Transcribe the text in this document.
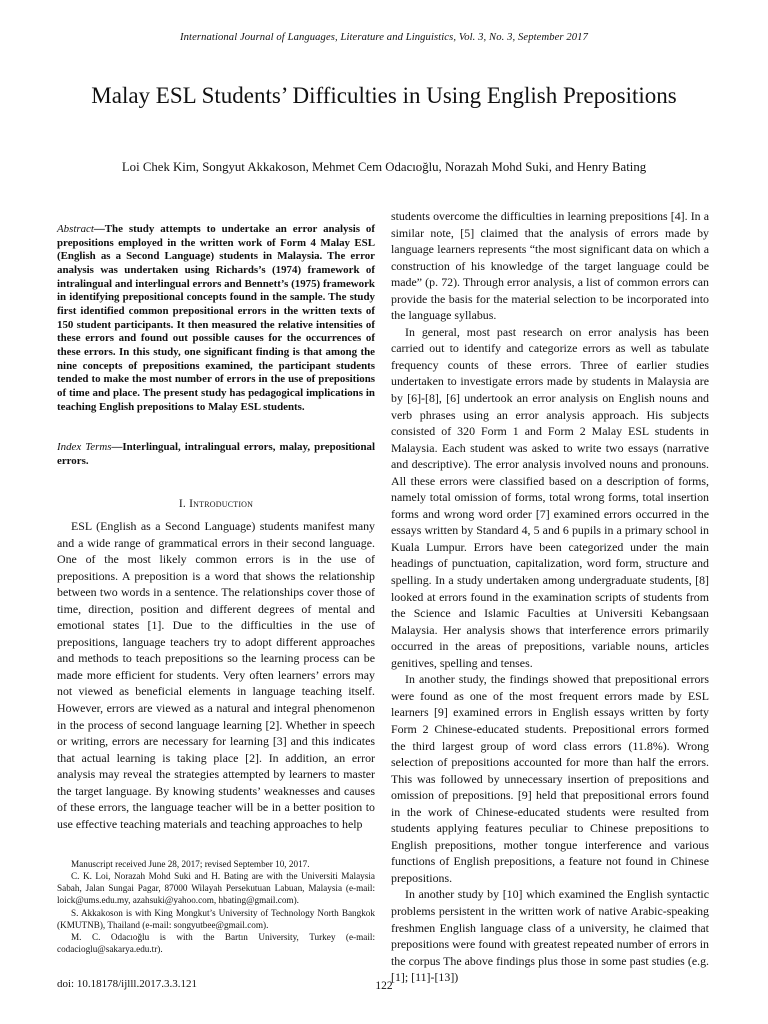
International Journal of Languages, Literature and Linguistics, Vol. 3, No. 3, September 2017
Malay ESL Students’ Difficulties in Using English Prepositions
Loi Chek Kim, Songyut Akkakoson, Mehmet Cem Odacıoğlu, Norazah Mohd Suki, and Henry Bating
Abstract—The study attempts to undertake an error analysis of prepositions employed in the written work of Form 4 Malay ESL (English as a Second Language) students in Malaysia. The error analysis was undertaken using Richards’s (1974) framework of intralingual and interlingual errors and Bennett’s (1975) framework in identifying prepositional concepts found in the sample. The study first identified common prepositional errors in the written texts of 150 student participants. It then measured the relative intensities of these errors and found out possible causes for the occurrences of these errors. In this study, one significant finding is that among the nine concepts of prepositions examined, the participant students tended to make the most number of errors in the use of prepositions of time and place. The present study has pedagogical implications in teaching English prepositions to Malay ESL students.
Index Terms—Interlingual, intralingual errors, malay, prepositional errors.
I. Introduction

ESL (English as a Second Language) students manifest many and a wide range of grammatical errors in their second language. One of the most likely common errors is in the use of prepositions. A preposition is a word that shows the relationship between two words in a sentence. The relationships cover those of time, direction, position and different degrees of mental and emotional states [1]. Due to the difficulties in the use of prepositions, language teachers try to adopt different approaches and methods to teach prepositions so the learning process can be made more efficient for students. Very often learners’ errors may not viewed as beneficial elements in language teaching itself. However, errors are viewed as a natural and integral phenomenon in the process of second language learning [2]. Whether in speech or writing, errors are necessary for learning [3] and this indicates that actual learning is taking place [2]. In addition, an error analysis may reveal the strategies attempted by learners to master the target language. By knowing students’ weaknesses and causes of these errors, the language teacher will be in a better position to use effective teaching materials and teaching approaches to help

students overcome the difficulties in learning prepositions [4]. In a similar note, [5] claimed that the analysis of errors made by language learners represents “the most significant data on which a construction of his knowledge of the target language could be made” (p. 72). Through error analysis, a list of common errors can provide the basis for the material selection to be incorporated into the language syllabus.

In general, most past research on error analysis has been carried out to identify and categorize errors as well as tabulate frequency counts of these errors. Three of earlier studies undertaken to investigate errors made by students in Malaysia are by [6]-[8], [6] undertook an error analysis on English nouns and verb phrases using an error analysis approach. His subjects consisted of 320 Form 1 and Form 2 Malay ESL students in Malaysia. Each student was asked to write two essays (narrative and descriptive). The error analysis involved nouns and pronouns. All these errors were classified based on a description of forms, namely total omission of forms, total wrong forms, total insertion forms and wrong word order [7] examined errors occurred in the essays written by Standard 4, 5 and 6 pupils in a primary school in Kuala Lumpur. Errors have been categorized under the main headings of punctuation, capitalization, word form, structure and spelling. In a study undertaken among undergraduate students, [8] looked at errors found in the examination scripts of students from the Science and Islamic Faculties at Universiti Kebangsaan Malaysia. Her analysis shows that interference errors primarily occurred in the areas of prepositions, variable nouns, articles genitives, spelling and tenses.

In another study, the findings showed that prepositional errors were found as one of the most frequent errors made by ESL learners [9] examined errors in English essays written by forty Form 2 Chinese-educated students. Prepositional errors formed the third largest group of word class errors (11.8%). Wrong selection of prepositions accounted for more than half the errors. This was followed by unnecessary insertion of prepositions and omission of prepositions. [9] held that prepositional errors found in the work of Chinese-educated students were resulted from students applying features peculiar to Chinese prepositions to English prepositions, mother tongue interference and various functions of English prepositions, a feature not found in Chinese prepositions.

In another study by [10] which examined the English syntactic problems persistent in the written work of native Arabic-speaking freshmen English language class of a university, he claimed that prepositions were found with greatest repeated number of errors in the corpus The above findings plus those in some past studies (e.g. [1]; [11]-[13])

Manuscript received June 28, 2017; revised September 10, 2017.

C. K. Loi, Norazah Mohd Suki and H. Bating are with the Universiti Malaysia Sabah, Jalan Sungai Pagar, 87000 Wilayah Persekutuan Labuan, Malaysia (e-mail: loick@ums.edu.my, azahsuki@yahoo.com, hbating@gmail.com).

S. Akkakoson is with King Mongkut’s University of Technology North Bangkok (KMUTNB), Thailand (e-mail: songyutbee@gmail.com).

M. C. Odacıoğlu is with the Bartın University, Turkey (e-mail: codacioglu@sakarya.edu.tr).

doi: 10.18178/ijlll.2017.3.3.121	122
